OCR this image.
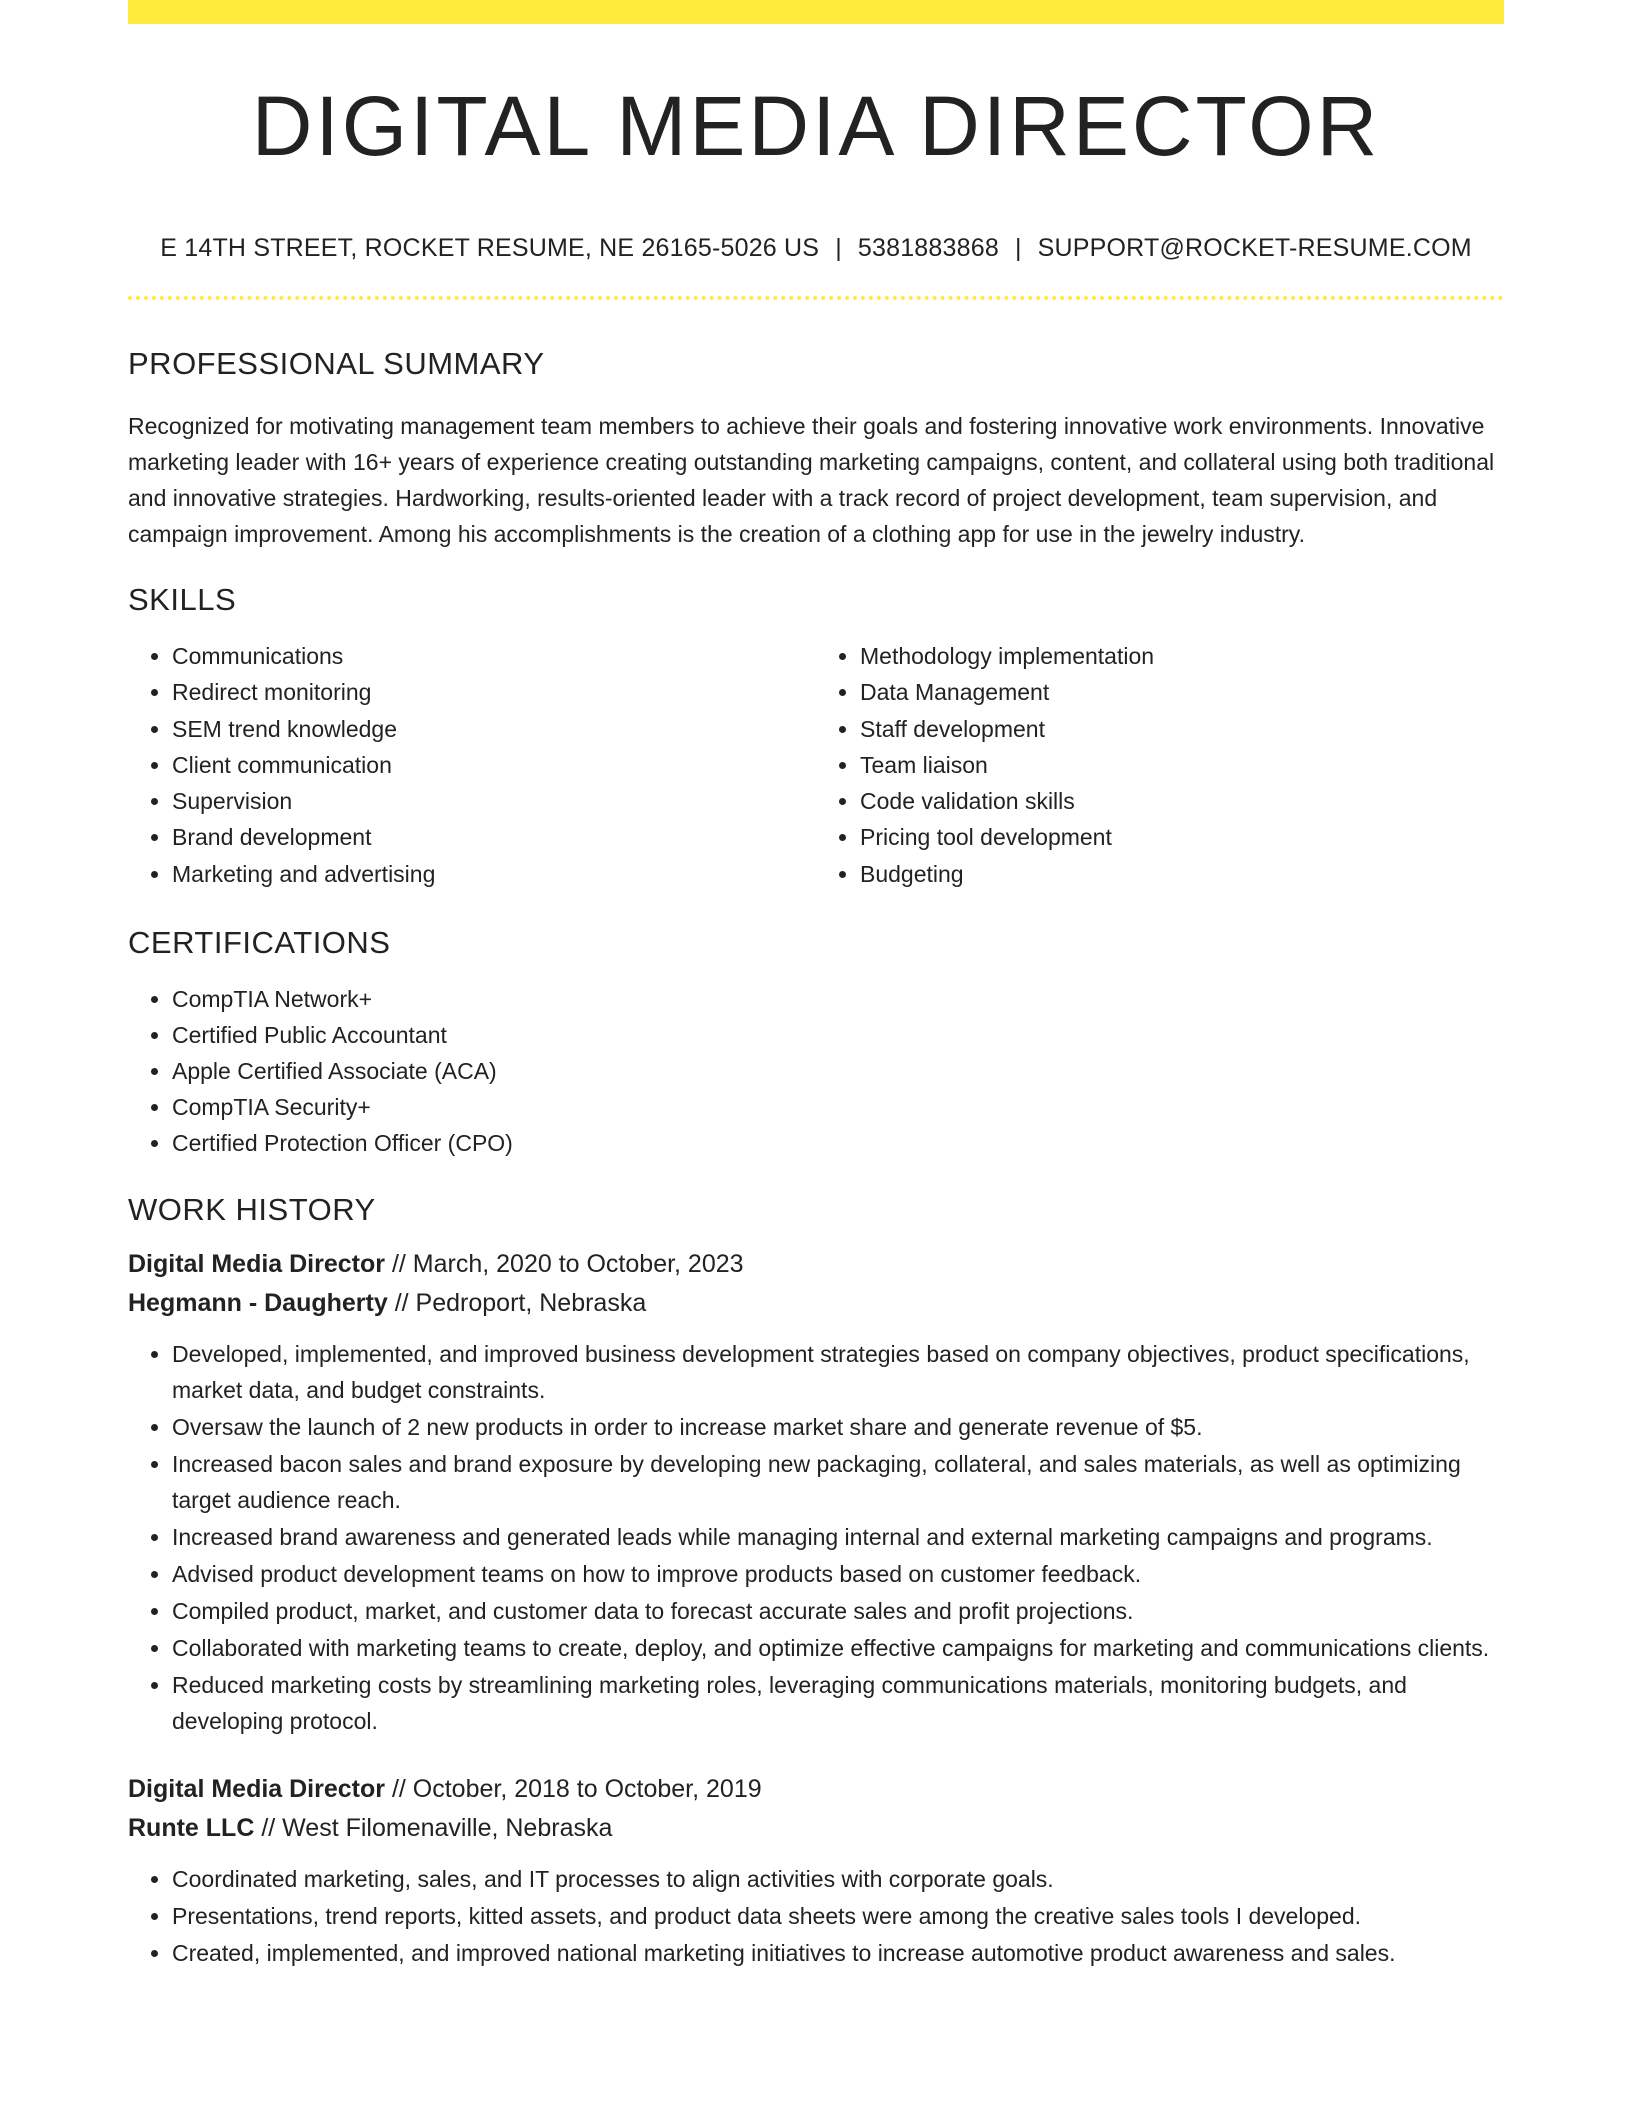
DIGITAL MEDIA DIRECTOR
E 14TH STREET, ROCKET RESUME, NE 26165-5026 US | 5381883868 | SUPPORT@ROCKET-RESUME.COM
PROFESSIONAL SUMMARY

Recognized for motivating management team members to achieve their goals and fostering innovative work environments. Innovative marketing leader with 16+ years of experience creating outstanding marketing campaigns, content, and collateral using both traditional and innovative strategies. Hardworking, results-oriented leader with a track record of project development, team supervision, and campaign improvement. Among his accomplishments is the creation of a clothing app for use in the jewelry industry.

SKILLS
• Communications
• Redirect monitoring
• SEM trend knowledge
• Client communication
• Supervision
• Brand development
• Marketing and advertising
• Methodology implementation
• Data Management
• Staff development
• Team liaison
• Code validation skills
• Pricing tool development
• Budgeting
CERTIFICATIONS
• CompTIA Network+
• Certified Public Accountant
• Apple Certified Associate (ACA)
• CompTIA Security+
• Certified Protection Officer (CPO)
WORK HISTORY
Digital Media Director // March, 2020 to October, 2023
Hegmann - Daugherty // Pedroport, Nebraska
• Developed, implemented, and improved business development strategies based on company objectives, product specifications, market data, and budget constraints.
• Oversaw the launch of 2 new products in order to increase market share and generate revenue of $5.
• Increased bacon sales and brand exposure by developing new packaging, collateral, and sales materials, as well as optimizing target audience reach.
• Increased brand awareness and generated leads while managing internal and external marketing campaigns and programs.
• Advised product development teams on how to improve products based on customer feedback.
• Compiled product, market, and customer data to forecast accurate sales and profit projections.
• Collaborated with marketing teams to create, deploy, and optimize effective campaigns for marketing and communications clients.
• Reduced marketing costs by streamlining marketing roles, leveraging communications materials, monitoring budgets, and developing protocol.
Digital Media Director // October, 2018 to October, 2019
Runte LLC // West Filomenaville, Nebraska
• Coordinated marketing, sales, and IT processes to align activities with corporate goals.
• Presentations, trend reports, kitted assets, and product data sheets were among the creative sales tools I developed.
• Created, implemented, and improved national marketing initiatives to increase automotive product awareness and sales.
